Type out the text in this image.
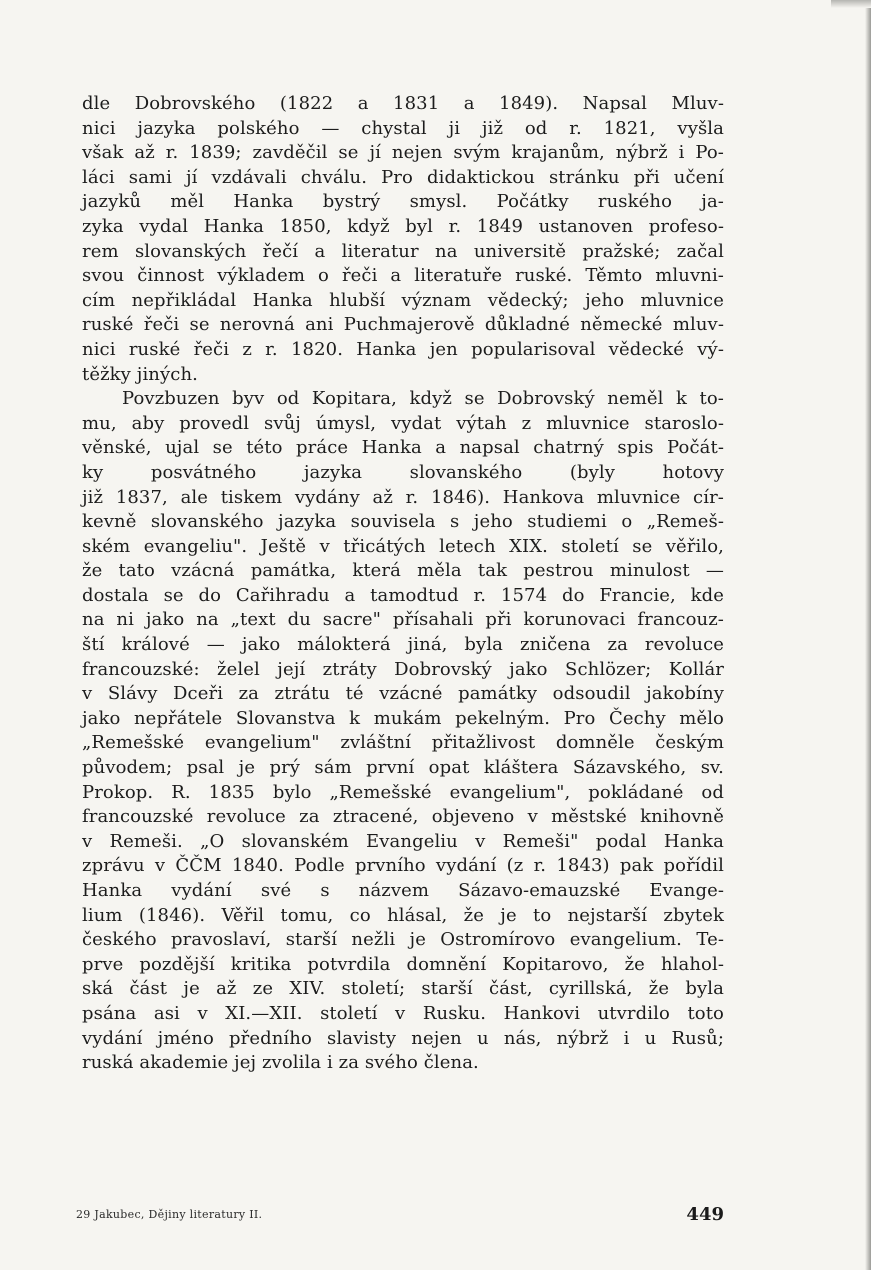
dle Dobrovského (1822 a 1831 a 1849). Napsal Mluv-
nici jazyka polského — chystal ji již od r. 1821, vyšla
však až r. 1839; zavděčil se jí nejen svým krajanům, nýbrž i Po-
láci sami jí vzdávali chválu. Pro didaktickou stránku při učení
jazyků měl Hanka bystrý smysl. Počátky ruského ja-
zyka vydal Hanka 1850, když byl r. 1849 ustanoven profeso-
rem slovanských řečí a literatur na universitě pražské; začal
svou činnost výkladem o řeči a literatuře ruské. Těmto mluvni-
cím nepřikládal Hanka hlubší význam vědecký; jeho mluvnice
ruské řeči se nerovná ani Puchmajerově důkladné německé mluv-
nici ruské řeči z r. 1820. Hanka jen popularisoval vědecké vý-
těžky jiných.
Povzbuzen byv od Kopitara, když se Dobrovský neměl k to-
mu, aby provedl svůj úmysl, vydat výtah z mluvnice staroslo-
věnské, ujal se této práce Hanka a napsal chatrný spis Počát-
ky posvátného jazyka slovanského (byly hotovy
již 1837, ale tiskem vydány až r. 1846). Hankova mluvnice cír-
kevně slovanského jazyka souvisela s jeho studiemi o „Remeš-
ském evangeliu". Ještě v třicátých letech XIX. století se věřilo,
že tato vzácná památka, která měla tak pestrou minulost —
dostala se do Cařihradu a tamodtud r. 1574 do Francie, kde
na ni jako na „text du sacre" přísahali při korunovaci francouz-
ští králové — jako málokterá jiná, byla zničena za revoluce
francouzské: želel její ztráty Dobrovský jako Schlözer; Kollár
v Slávy Dceři za ztrátu té vzácné památky odsoudil jakobíny
jako nepřátele Slovanstva k mukám pekelným. Pro Čechy mělo
„Remešské evangelium" zvláštní přitažlivost domněle českým
původem; psal je prý sám první opat kláštera Sázavského, sv.
Prokop. R. 1835 bylo „Remešské evangelium", pokládané od
francouzské revoluce za ztracené, objeveno v městské knihovně
v Remeši. „O slovanském Evangeliu v Remeši" podal Hanka
zprávu v ČČM 1840. Podle prvního vydání (z r. 1843) pak pořídil
Hanka vydání své s názvem Sázavo-emauzské Evange-
lium (1846). Věřil tomu, co hlásal, že je to nejstarší zbytek
českého pravoslaví, starší nežli je Ostromírovo evangelium. Te-
prve pozdější kritika potvrdila domnění Kopitarovo, že hlahol-
ská část je až ze XIV. století; starší část, cyrillská, že byla
psána asi v XI.—XII. století v Rusku. Hankovi utvrdilo toto
vydání jméno předního slavisty nejen u nás, nýbrž i u Rusů;
ruská akademie jej zvolila i za svého člena.
29 Jakubec, Dějiny literatury II.	449
